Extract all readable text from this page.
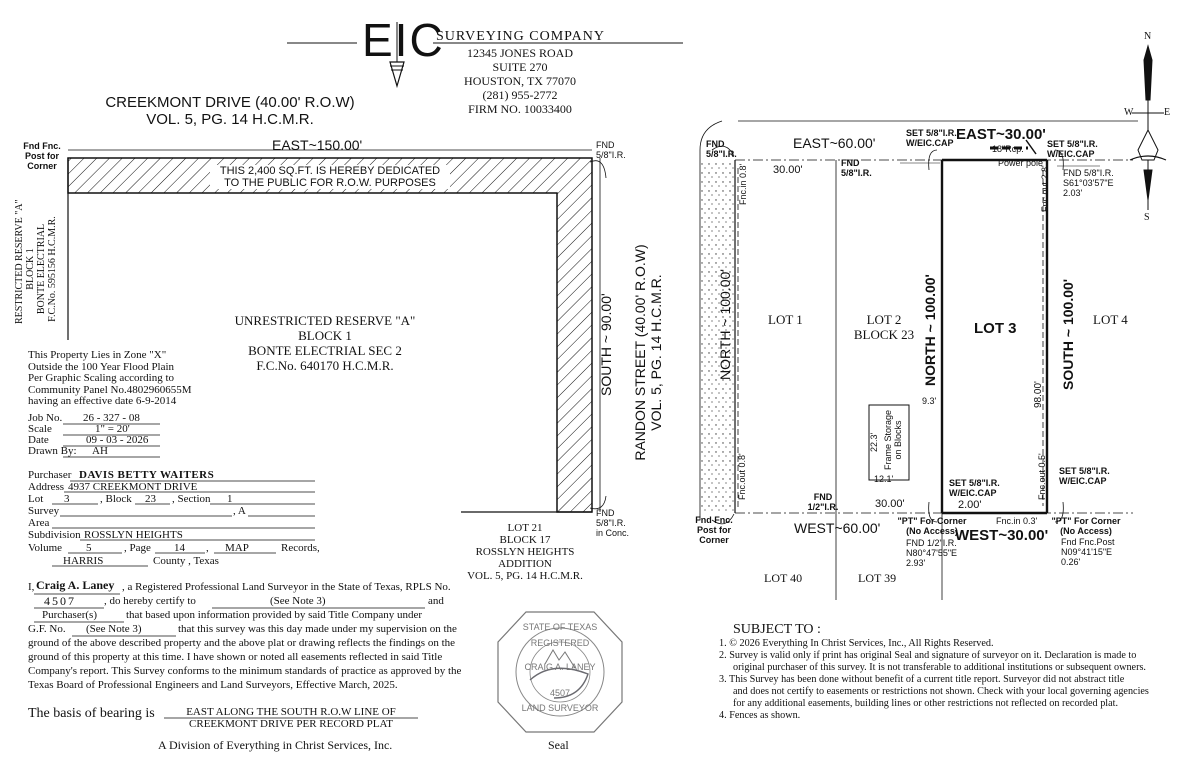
EIC
SURVEYING COMPANY
12345 JONES ROAD
SUITE 270
HOUSTON, TX 77070
(281) 955-2772
FIRM NO. 10033400
CREEKMONT DRIVE (40.00' R.O.W)
VOL. 5, PG. 14 H.C.M.R.
EAST~150.00'
Fnd Fnc.
Post for
Corner
FND
5/8"I.R.
THIS 2,400 SQ.FT. IS HEREBY DEDICATED
TO THE PUBLIC FOR R.O.W. PURPOSES
RESTRICTED RESERVE "A" BLOCK 1 BONTE ELECTRIAL F.C.No. 595156 H.C.M.R.	UNRESTRICTED RESERVE "A"
BLOCK 1
BONTE ELECTRIAL SEC 2
F.C.No. 640170 H.C.M.R.	SOUTH ~ 90.00' RANDON STREET (40.00' R.O.W) VOL. 5, PG. 14 H.C.M.R.
FND
5/8"I.R.
in Conc.
LOT 21
BLOCK 17
ROSSLYN HEIGHTS
ADDITION
VOL. 5, PG. 14 H.C.M.R.
This Property Lies in Zone "X"
Outside the 100 Year Flood Plain
Per Graphic Scaling according to
Community Panel No.4802960655M
having an effective date 6-9-2014
Job No. 26 - 327 - 08
Scale	1" = 20'
Date	09 - 03 - 2026
Drawn By: AH
Purchaser DAVIS BETTY WAITERS
Address 4937 CREEKMONT DRIVE
Lot 3	, Block 23 , Section 1
Survey	, A
Area
Subdivision ROSSLYN HEIGHTS
Volume 5	, Page 14 , MAP	Records,
HARRIS	County , Texas
I, Craig A. Laney , a Registered Professional Land Surveyor in the State of Texas, RPLS No.
4507	, do hereby certify to	(See Note 3)	and
Purchaser(s)	that based upon information provided by said Title Company under
G.F. No. (See Note 3)	that this survey was this day made under my supervision on the
ground of the above described property and the above plat or drawing reflects the findings on the
ground of this property at this time. I have shown or noted all easements reflected in said Title
Company's report. This Survey conforms to the minimum standards of practice as approved by the
Texas Board of Professional Engineers and Land Surveyors, Effective March, 2025.
The basis of bearing is	EAST ALONG THE SOUTH R.O.W LINE OF
CREEKMONT DRIVE PER RECORD PLAT
A Division of Everything in Christ Services, Inc.
STATE OF TEXAS
REGISTERED
CRAIG A. LANEY
4507
LAND SURVEYOR
Seal
FND
5/8"I.R.
EAST~60.00'
FND
5/8"I.R.
SET 5/8"I.R.
W/EIC.CAP EAST~30.00'
SET 5/8"I.R.
W/EIC.CAP
18"Rcp.
Power pole
FND 5/8"I.R.
S61°03'57"E
2.03'
Fnc.out 2.8'
30.00'
Fnc.in 0.8'
LOT 1	LOT 2
BLOCK 23	LOT 3
LOT 4
NORTH ~ 100.00'	NORTH ~ 100.00'	SOUTH ~ 100.00'
98.00'
9.3'
22.3'
Frame Storage
on Blocks
12.1'
Fnc.out 0.8'	FND
1/2"I.R.	30.00'
SET 5/8"I.R.
W/EIC.CAP
2.00'
SET 5/8"I.R.
W/EIC.CAP
Fnc.out 0.5'
Fnc.in 0.3'
Fnd Fnc.
Post for
Corner
WEST~60.00' "PT" For Corner
(No Access)
FND 1/2"I.R.
N80°47'55"E
2.93'
WEST~30.00'
"PT" For Corner
(No Access)
Fnd Fnc.Post
N09°41'15"E
0.26'
LOT 40	LOT 39
N
S
E
W
SUBJECT TO :
1. © 2026 Everything In Christ Services, Inc., All Rights Reserved.
2. Survey is valid only if print has original Seal and signature of surveyor on it. Declaration is made to
original purchaser of this survey. It is not transferable to additional institutions or subsequent owners.
3. This Survey has been done without benefit of a current title report. Surveyor did not abstract title
and does not certify to easements or restrictions not shown. Check with your local governing agencies
for any additional easements, building lines or other restrictions not reflected on recorded plat.
4. Fences as shown.
